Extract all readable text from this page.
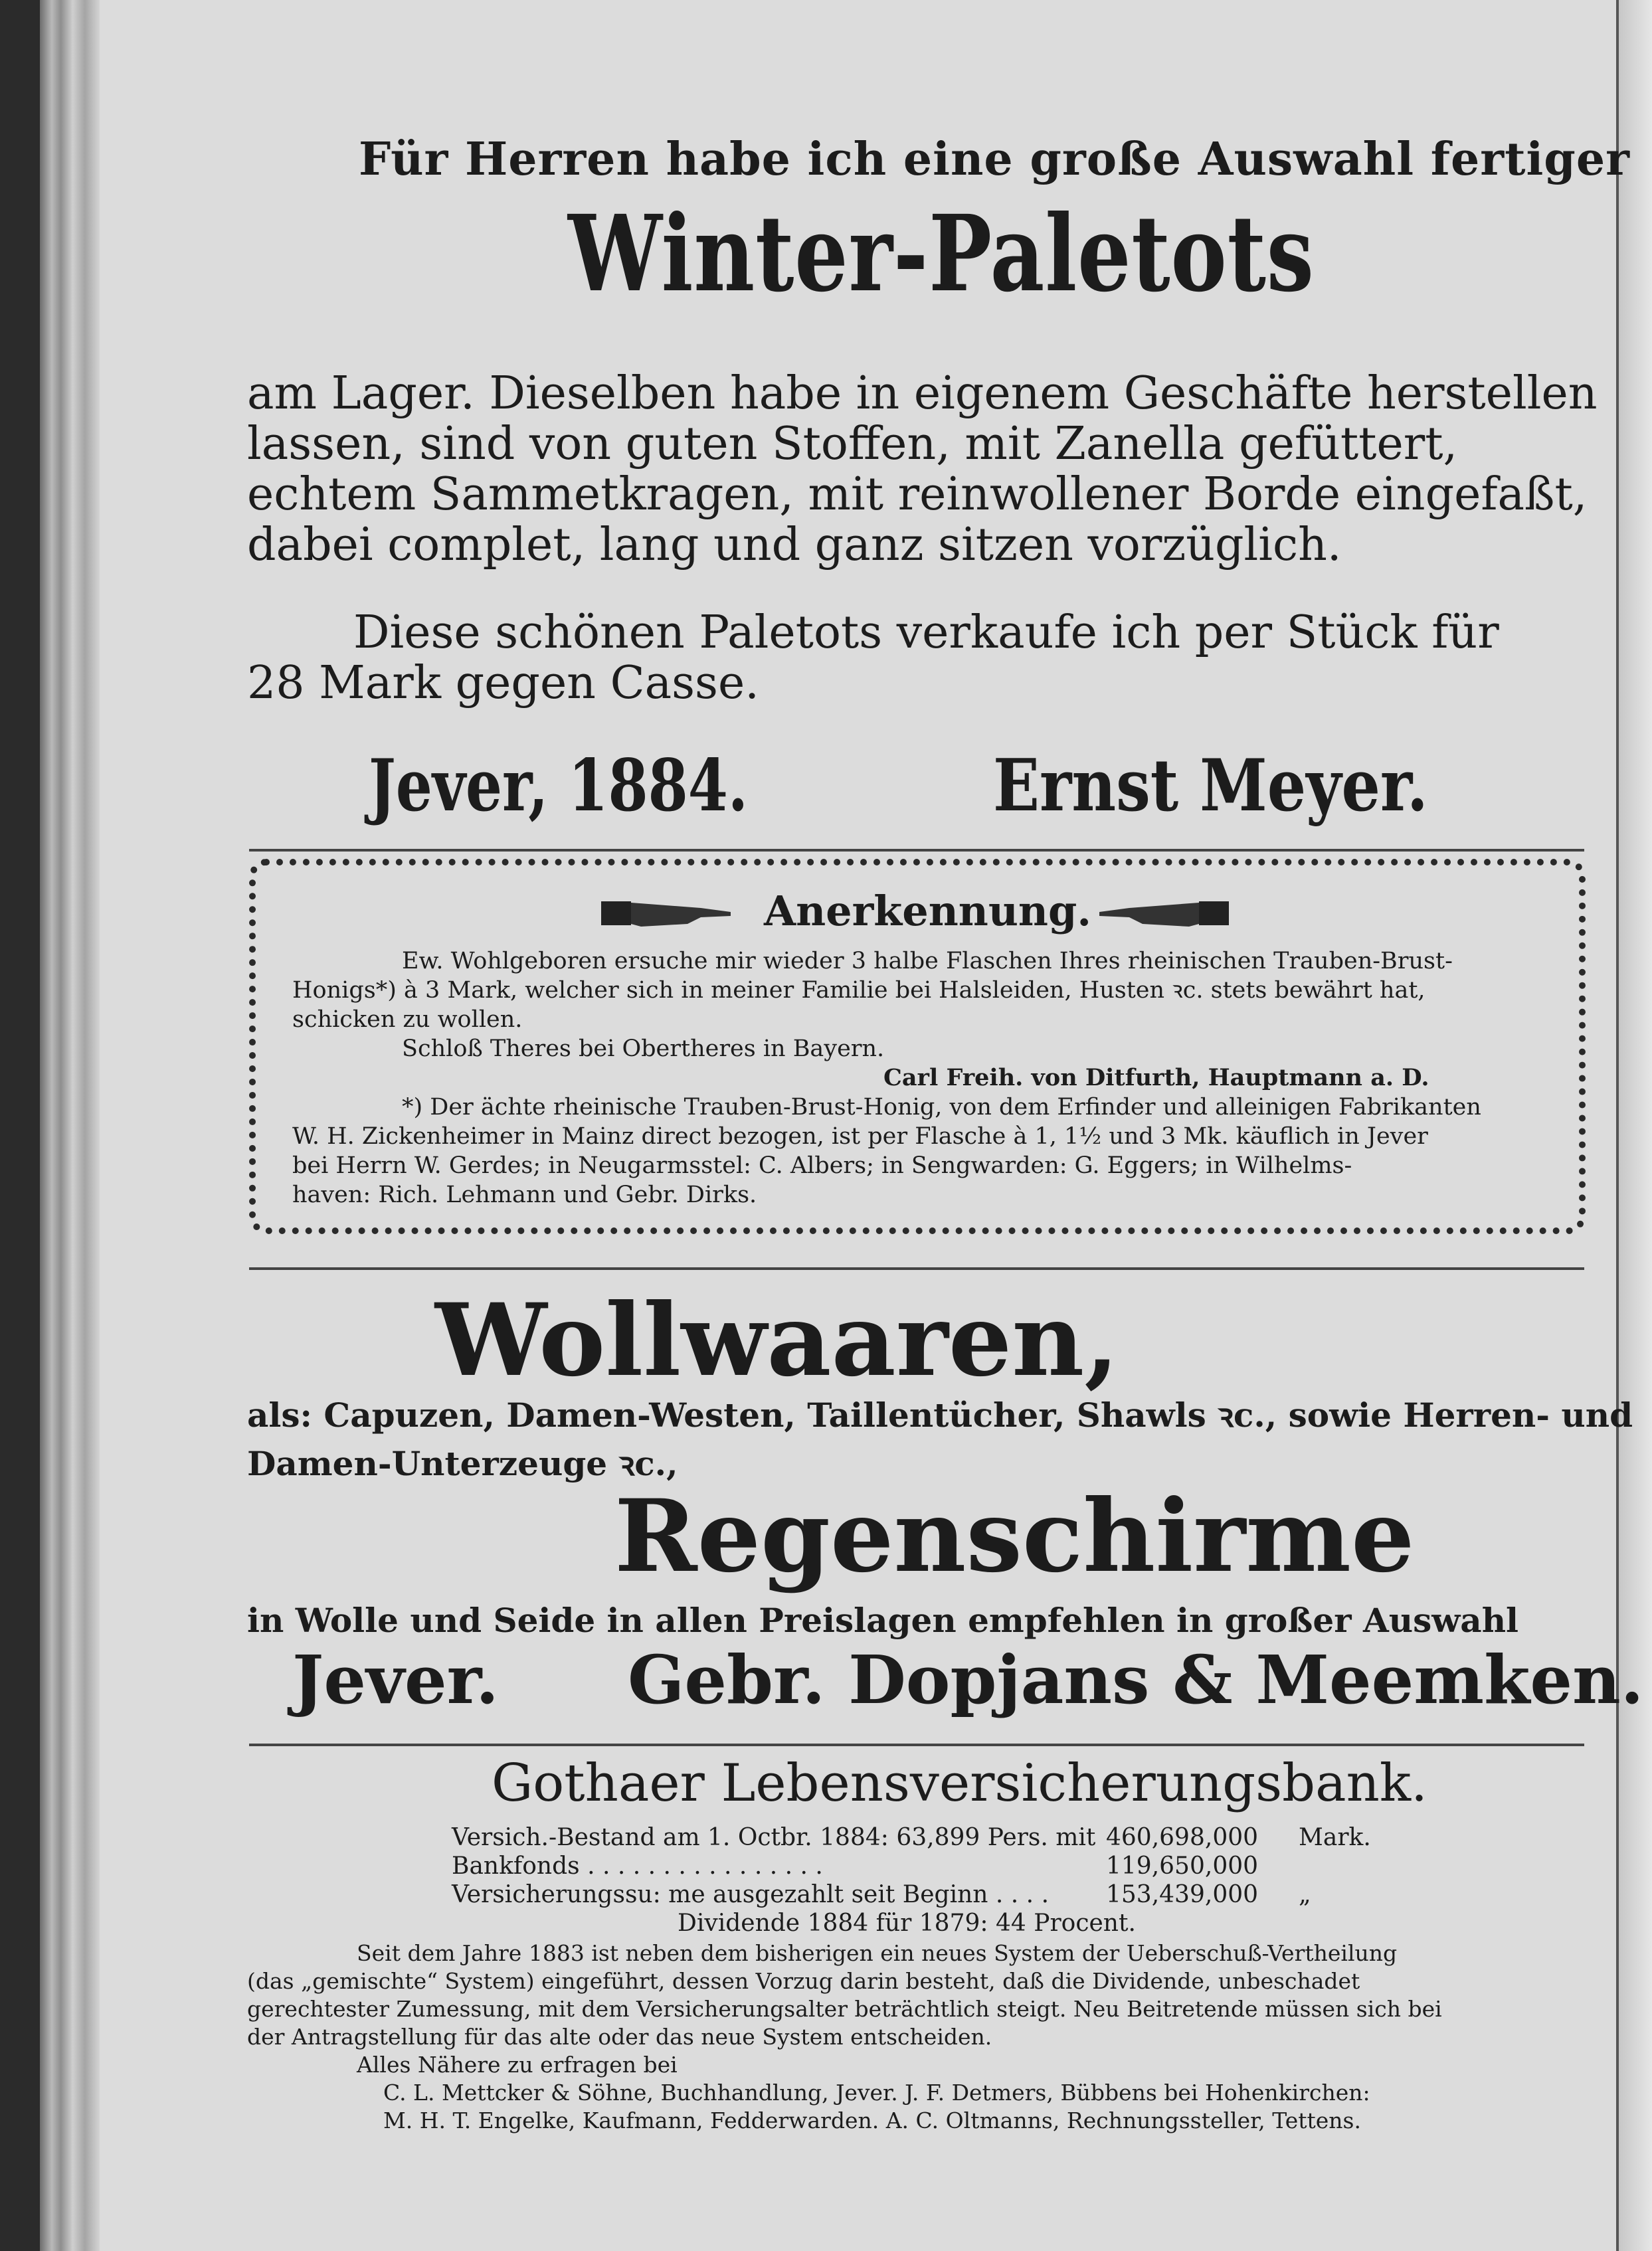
Für Herren habe ich eine große Auswahl fertiger
Winter-Paletots
am Lager. Dieselben habe in eigenem Geschäfte herstellen
lassen, sind von guten Stoffen, mit Zanella gefüttert,
echtem Sammetkragen, mit reinwollener Borde eingefaßt,
dabei complet, lang und ganz sitzen vorzüglich.
Diese schönen Paletots verkaufe ich per Stück für
28 Mark gegen Casse.
Jever, 1884.	Ernst Meyer.
Anerkennung.
Ew. Wohlgeboren ersuche mir wieder 3 halbe Flaschen Ihres rheinischen Trauben-Brust-
Honigs*) à 3 Mark, welcher sich in meiner Familie bei Halsleiden, Husten ꝛc. stets bewährt hat,
schicken zu wollen.
Schloß Theres bei Obertheres in Bayern.
Carl Freih. von Ditfurth, Hauptmann a. D.
*) Der ächte rheinische Trauben-Brust-Honig, von dem Erfinder und alleinigen Fabrikanten
W. H. Zickenheimer in Mainz direct bezogen, ist per Flasche à 1, 1½ und 3 Mk. käuflich in Jever
bei Herrn W. Gerdes; in Neugarmsstel: C. Albers; in Sengwarden: G. Eggers; in Wilhelms-
haven: Rich. Lehmann und Gebr. Dirks.
Wollwaaren,
als: Capuzen, Damen-Westen, Taillentücher, Shawls ꝛc., sowie Herren- und
Damen-Unterzeuge ꝛc.,
Regenschirme
in Wolle und Seide in allen Preislagen empfehlen in großer Auswahl
Jever. Gebr. Dopjans & Meemken.
Gothaer Lebensversicherungsbank.
Versich.-Bestand am 1. Octbr. 1884: 63,899 Pers. mit 460,698,000	Mark.
Bankfonds . . . . . . . . . . . . . . . .	119,650,000
Versicherungssu: me ausgezahlt seit Beginn . . . .	153,439,000	„
Dividende 1884 für 1879: 44 Procent.
Seit dem Jahre 1883 ist neben dem bisherigen ein neues System der Ueberschuß-Vertheilung
(das „gemischte“ System) eingeführt, dessen Vorzug darin besteht, daß die Dividende, unbeschadet
gerechtester Zumessung, mit dem Versicherungsalter beträchtlich steigt. Neu Beitretende müssen sich bei
der Antragstellung für das alte oder das neue System entscheiden.
Alles Nähere zu erfragen bei
C. L. Mettcker & Söhne, Buchhandlung, Jever. J. F. Detmers, Bübbens bei Hohenkirchen:
M. H. T. Engelke, Kaufmann, Fedderwarden. A. C. Oltmanns, Rechnungssteller, Tettens.
